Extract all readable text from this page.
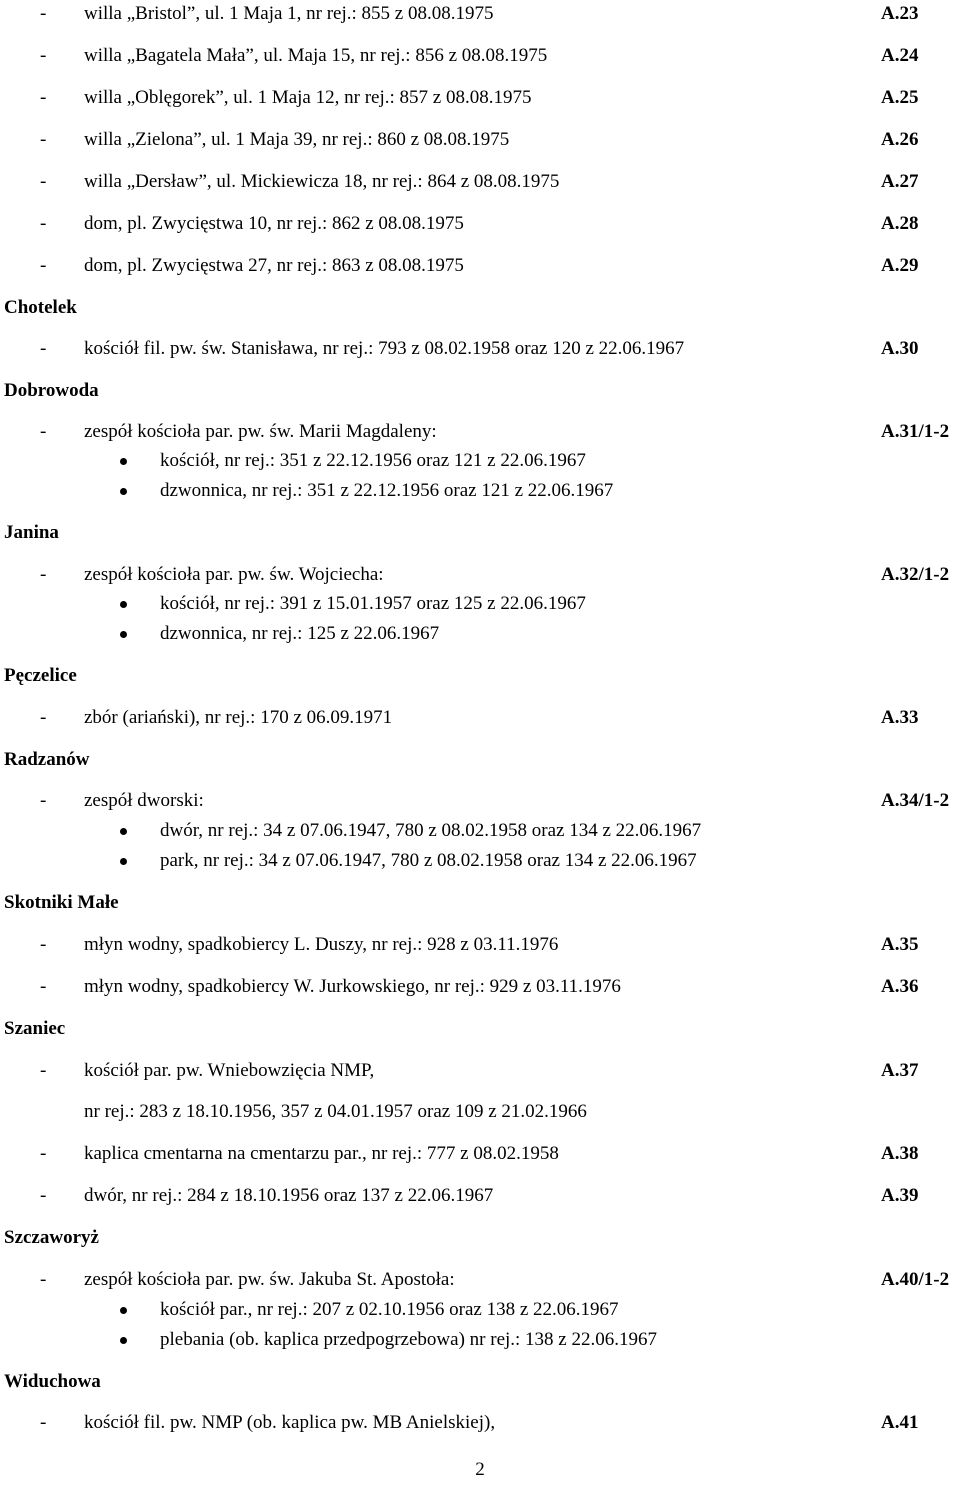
- willa „Bristol”, ul. 1 Maja 1, nr rej.: 855 z 08.08.1975	A.23
- willa „Bagatela Mała”, ul. Maja 15, nr rej.: 856 z 08.08.1975	A.24
- willa „Oblęgorek”, ul. 1 Maja 12, nr rej.: 857 z 08.08.1975	A.25
- willa „Zielona”, ul. 1 Maja 39, nr rej.: 860 z 08.08.1975	A.26
- willa „Dersław”, ul. Mickiewicza 18, nr rej.: 864 z 08.08.1975	A.27
- dom, pl. Zwycięstwa 10, nr rej.: 862 z 08.08.1975	A.28
- dom, pl. Zwycięstwa 27, nr rej.: 863 z 08.08.1975	A.29
Chotelek
- kościół fil. pw. św. Stanisława, nr rej.: 793 z 08.02.1958 oraz 120 z 22.06.1967	A.30
Dobrowoda
- zespół kościoła par. pw. św. Marii Magdaleny:	A.31/1-2
kościół, nr rej.: 351 z 22.12.1956 oraz 121 z 22.06.1967
dzwonnica, nr rej.: 351 z 22.12.1956 oraz 121 z 22.06.1967
Janina
- zespół kościoła par. pw. św. Wojciecha:	A.32/1-2
kościół, nr rej.: 391 z 15.01.1957 oraz 125 z 22.06.1967
dzwonnica, nr rej.: 125 z 22.06.1967
Pęczelice
- zbór (ariański), nr rej.: 170 z 06.09.1971	A.33
Radzanów
- zespół dworski:	A.34/1-2
dwór, nr rej.: 34 z 07.06.1947, 780 z 08.02.1958 oraz 134 z 22.06.1967
park, nr rej.: 34 z 07.06.1947, 780 z 08.02.1958 oraz 134 z 22.06.1967
Skotniki Małe
- młyn wodny, spadkobiercy L. Duszy, nr rej.: 928 z 03.11.1976	A.35
- młyn wodny, spadkobiercy W. Jurkowskiego, nr rej.: 929 z 03.11.1976	A.36
Szaniec
- kościół par. pw. Wniebowzięcia NMP,	A.37
nr rej.: 283 z 18.10.1956, 357 z 04.01.1957 oraz 109 z 21.02.1966
- kaplica cmentarna na cmentarzu par., nr rej.: 777 z 08.02.1958	A.38
- dwór, nr rej.: 284 z 18.10.1956 oraz 137 z 22.06.1967	A.39
Szczaworyż
- zespół kościoła par. pw. św. Jakuba St. Apostoła:	A.40/1-2
kościół par., nr rej.: 207 z 02.10.1956 oraz 138 z 22.06.1967
plebania (ob. kaplica przedpogrzebowa) nr rej.: 138 z 22.06.1967
Widuchowa
- kościół fil. pw. NMP (ob. kaplica pw. MB Anielskiej),	A.41
2
